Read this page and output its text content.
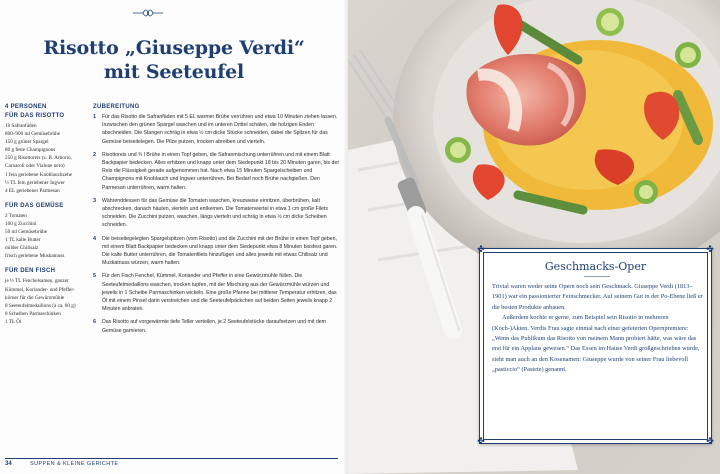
Risotto „Giuseppe Verdi“
mit Seeteufel
4 PERSONEN
FÜR DAS RISOTTO
10 Safranfäden
800–900 ml Gemüsebrühe
150 g grüner Spargel
80 g feste Champignons
250 g Risottoreis (z. B. Arborio,
Carnaroli oder Vialone nero)
1 fein geriebene Knoblauchzehe
½ TL fein geriebener Ingwer
4 EL geriebener Parmesan
FÜR DAS GEMÜSE
2 Tomaten
100 g Zucchini
50 ml Gemüsebrühe
1 TL kalte Butter
milder Chilisalz
frisch geriebene Muskatnuss
FÜR DEN FISCH
je ½ TL Fenchelsamen, ganzer
Kümmel, Koriander- und Pfeffer-
körner für die Gewürzmühle
8 Seeteufelmedaillons (à ca. 60 g)
8 Scheiben Parmaschinken
1 TL Öl
ZUBEREITUNG
1	Für das Risotto die Safranfäden mit 5 EL warmer Brühe verrühren und etwa 10 Minuten ziehen lassen. Inzwischen den grünen Spargel waschen und im unteren Drittel schälen, die holzigen Enden abschneiden. Die Stangen schräg in etwa ½ cm dicke Stücke schneiden, dabei die Spitzen für das Gemüse beiseitelegen. Die Pilze putzen, trocken abreiben und vierteln.
2	Risottoreis und ¾ l Brühe in einen Topf geben, die Safranmischung unterrühren und mit einem Blatt Backpapier bedecken. Alles erhitzen und knapp unter dem Siedepunkt 18 bis 20 Minuten garen, bis der Reis die Flüssigkeit gerade aufgenommen hat. Nach etwa 15 Minuten Spargelscheiben und Champignons mit Knoblauch und Ingwer unterrühren. Bei Bedarf noch Brühe nachgießen. Den Parmesan unterrühren, warm halten.
3	Währenddessen für das Gemüse die Tomaten waschen, kreuzweise einritzen, überbrühen, kalt abschrecken, danach häuten, vierteln und entkernen. Die Tomatenviertel in etwa 1 cm große Filets schneiden. Die Zucchini putzen, waschen, längs vierteln und schräg in etwa ½ cm dicke Scheiben schneiden.
4	Die beiseitegelegten Spargelspitzen (vom Risotto) und die Zucchini mit der Brühe in einen Topf geben, mit einem Blatt Backpapier bedecken und knapp unter dem Siedepunkt etwa 8 Minuten bissfest garen. Die kalte Butter unterrühren, die Tomatenfilets hinzufügen und alles jeweils mit etwas Chilisalz und Muskatnuss würzen, warm halten.
5	Für den Fisch Fenchel, Kümmel, Koriander und Pfeffer in eine Gewürzmühle füllen. Die Seeteufelmedaillons waschen, trocken tupfen, mit der Mischung aus der Gewürzmühle würzen und jeweils in 1 Scheibe Parmaschinken wickeln. Eine große Pfanne bei mittlerer Temperatur erhitzen, das Öl mit einem Pinsel darin verstreichen und die Seeteufelpäckchen auf beiden Seiten jeweils knapp 2 Minuten anbraten.
6	Das Risotto auf vorgewärmte tiefe Teller verteilen, je 2 Seeteufelstücke daraufsetzen und mit dem Gemüse garnieren.
34	SUPPEN & KLEINE GERICHTE
✤	✤
✤	✤
Geschmacks-Oper

Trivial waren weder seine Opern noch sein Geschmack. Giuseppe Verdi (1813–1901) war ein passionierter Feinschmecker. Auf seinem Gut in der Po-Ebene ließ er die besten Produkte anbauen.

Außerdem kochte er gerne, zum Beispiel sein Risotto in mehreren (Koch-)Akten. Verdis Frau sagte einmal nach einer gefeierten Opernpremiere: „Wenn das Publikum das Risotto von meinem Mann probiert hätte, was wäre das erst für ein Applaus gewesen.“ Das Essen im Hause Verdi großgeschrieben wurde, sieht man auch an den Kosenamen: Giuseppe wurde von seiner Frau liebevoll „pasticcio“ (Pastete) genannt.
